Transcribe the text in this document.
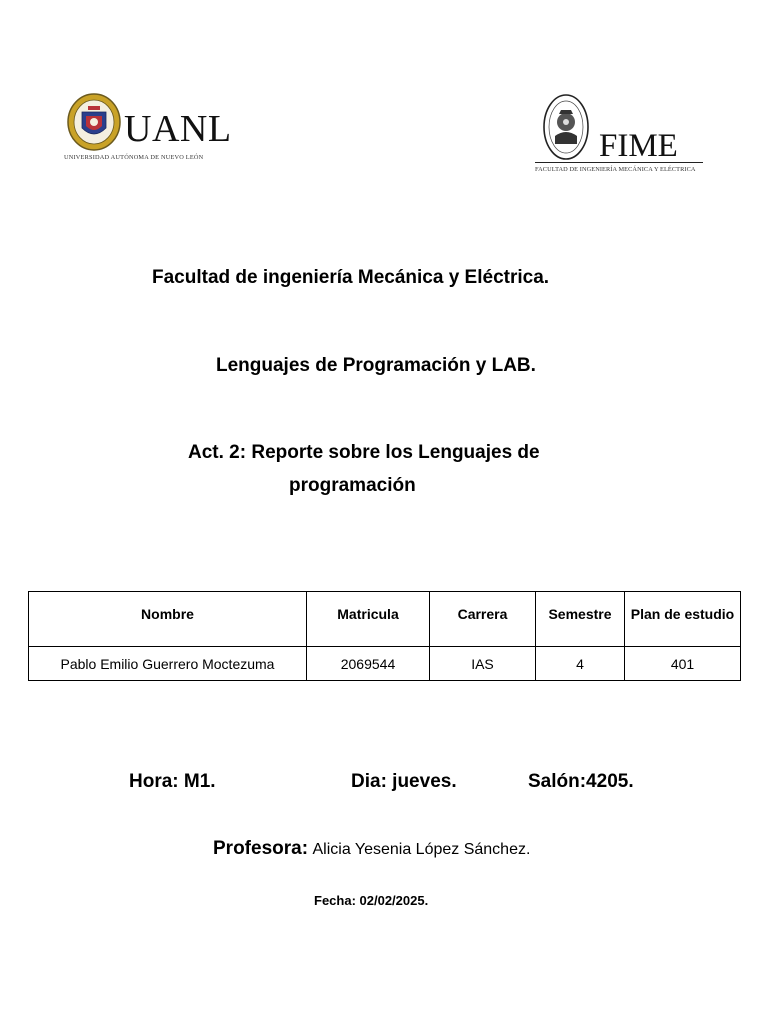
UANL
UNIVERSIDAD AUTÓNOMA DE NUEVO LEÓN	FIME
FACULTAD DE INGENIERÍA MECÁNICA Y ELÉCTRICA
Facultad de ingeniería Mecánica y Eléctrica.
Lenguajes de Programación y LAB.
Act. 2: Reporte sobre los Lenguajes de
programación
Nombre	Matricula	Carrera	Semestre	Plan de estudio
Pablo Emilio Guerrero Moctezuma	2069544	IAS	4	401
Hora: M1.	Dia: jueves.	Salón:4205.
Profesora: Alicia Yesenia López Sánchez.
Fecha: 02/02/2025.
